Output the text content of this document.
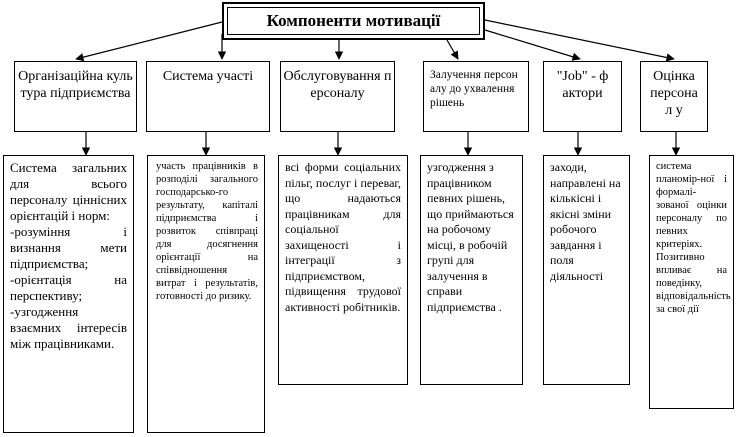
Компоненти мотивації
Організаційна культура підприємства
Система участі	Обслуговування персоналу
Залучення персоналу до ухвалення рішень
"Job" - фактори
Оцінка персонал у
Система загальних для всього персоналу ціннісних орієнтацій і норм:
-розуміння і визнання мети підприємства;
-орієнтація на перспективу;
-узгодження взаємних інтересів між працівниками.
участь працівників в розподілі загального господарсько-го результату, капіталі підприємства і розвиток співпраці для досягнення орієнтації на співвідношення витрат і результатів, готовності до ризику.
всі форми соціальних пільг, послуг і переваг, що надаються працівникам для соціальної захищеності і інтеграції з підприємством, підвищення трудової активності робітників.
узгодження з працівником певних рішень, що приймаються на робочому місці, в робочій групі для залучення в справи підприємства .
заходи, направлені на кількісні і якісні зміни робочого завдання і поля діяльності
система планомір-ної і формалі-зованої оцінки персоналу по певних критеріях. Позитивно впливає на поведінку, відповідальність за свої дії
